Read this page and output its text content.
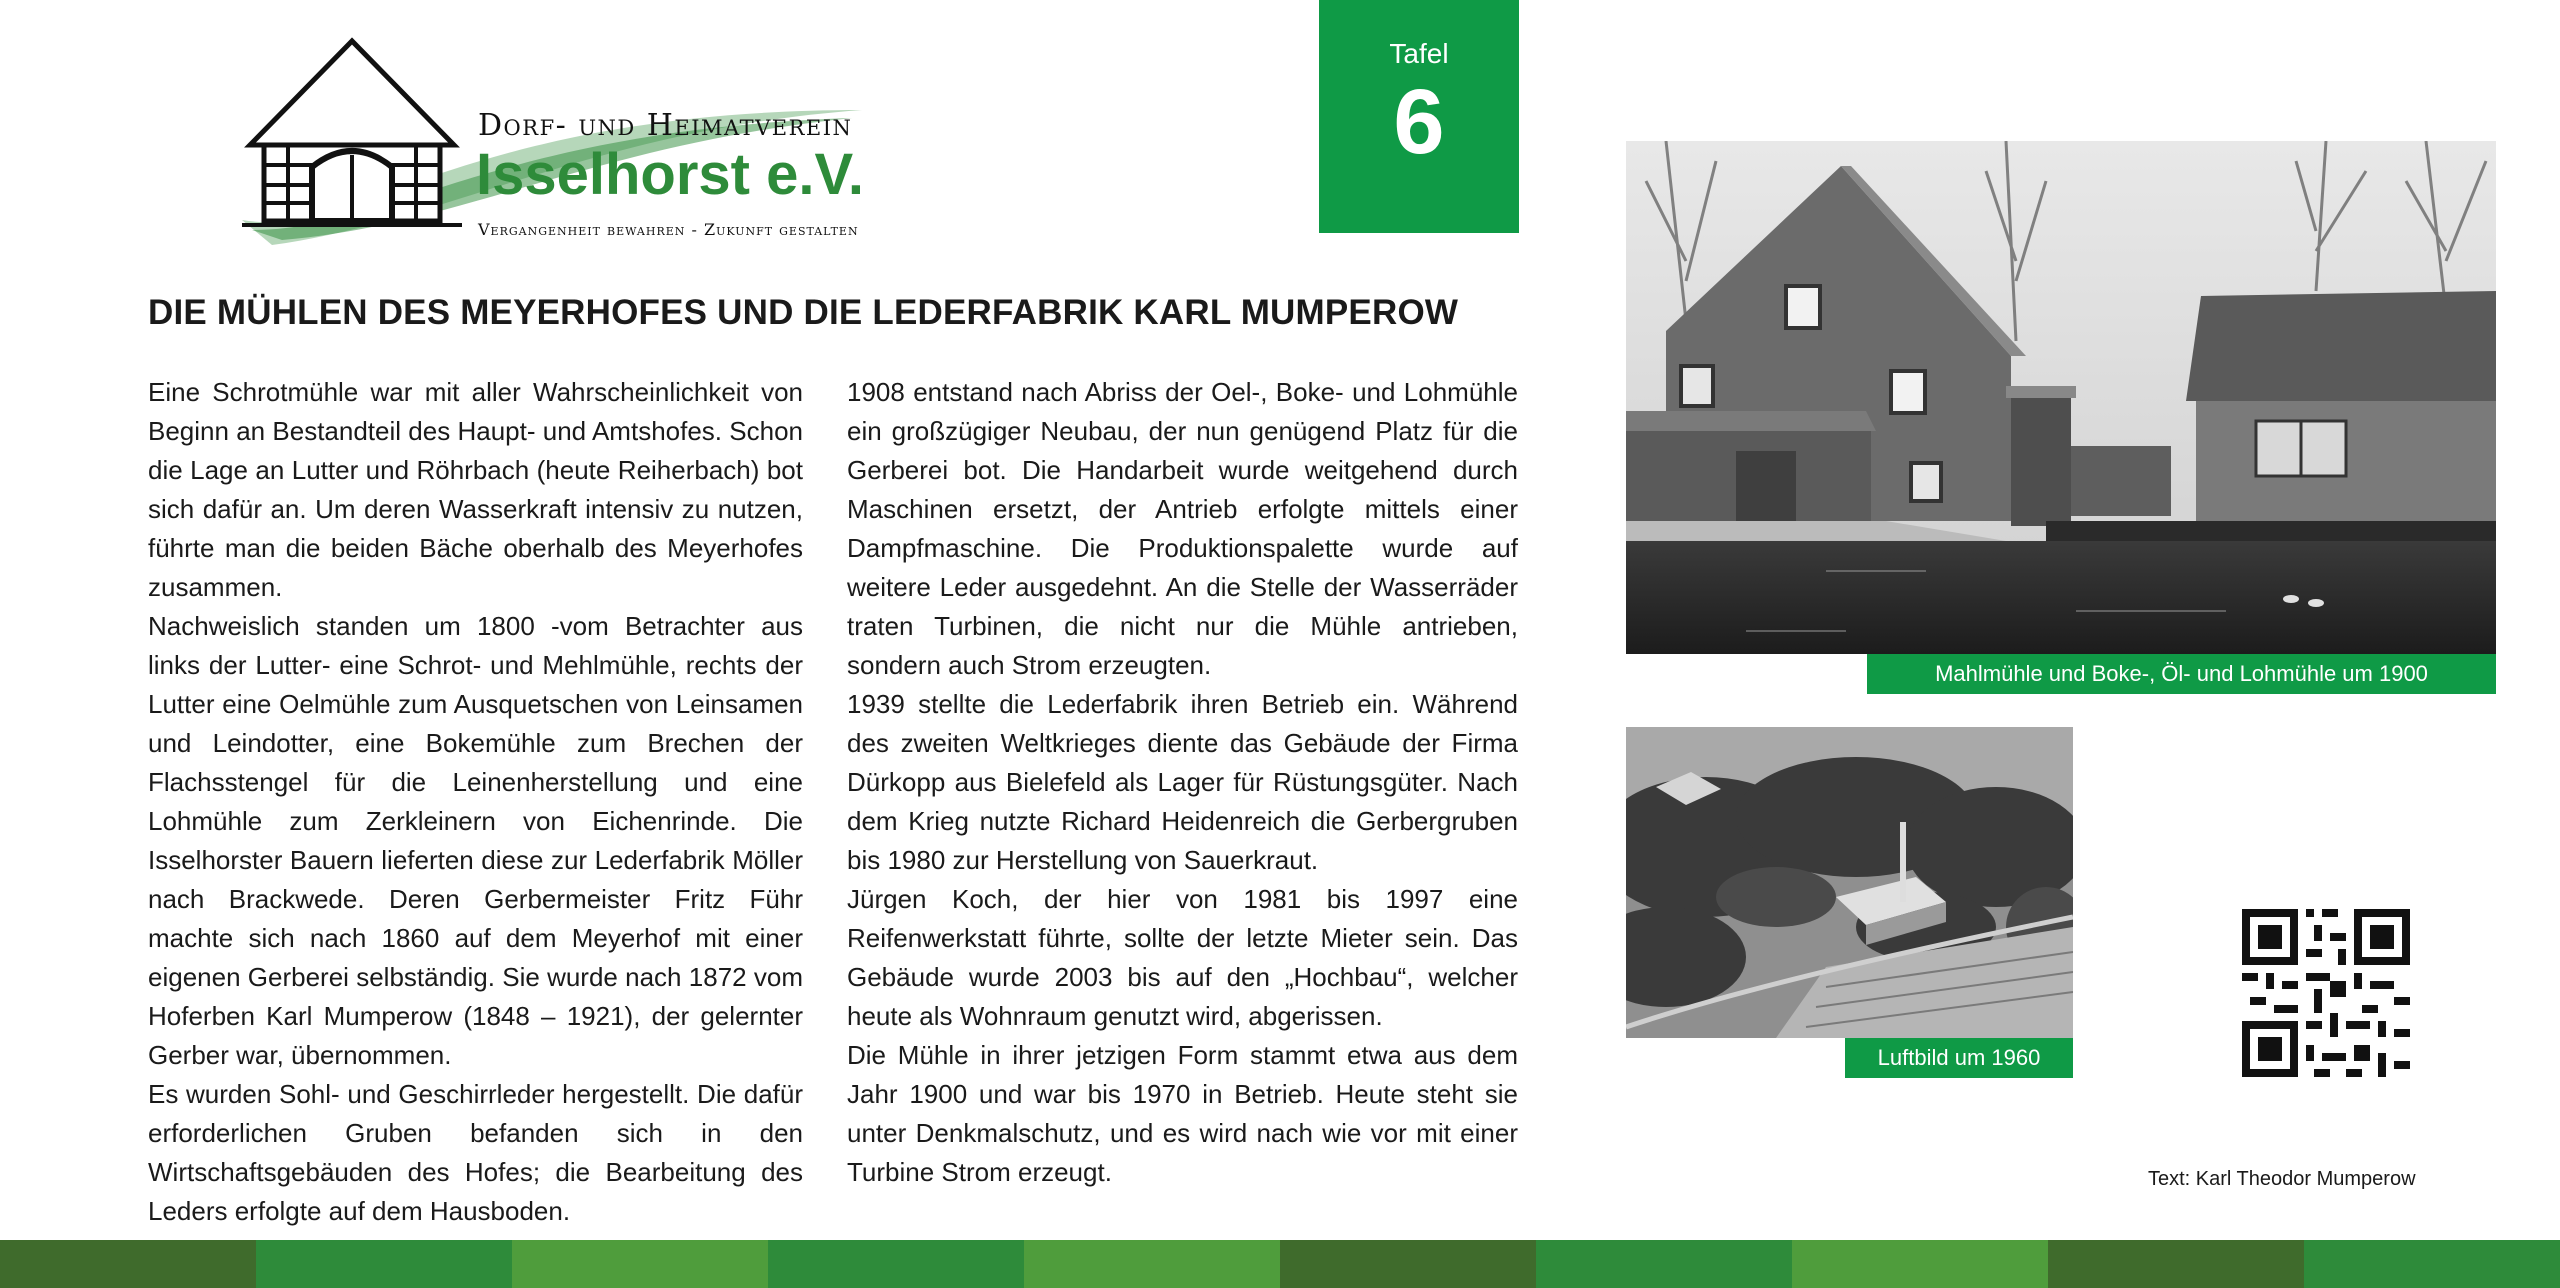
Dorf- und Heimatverein
Isselhorst e.V.
Vergangenheit bewahren - Zukunft gestalten
Tafel
6
DIE MÜHLEN DES MEYERHOFES UND DIE LEDERFABRIK KARL MUMPEROW

Eine Schrotmühle war mit aller Wahrscheinlichkeit von Beginn an Bestandteil des Haupt- und Amtshofes. Schon die Lage an Lutter und Röhrbach (heute Reiherbach) bot sich dafür an. Um deren Wasserkraft intensiv zu nutzen, führte man die beiden Bäche oberhalb des Meyerhofes zusammen.

Nachweislich standen um 1800 -vom Betrachter aus links der Lutter- eine Schrot- und Mehlmühle, rechts der Lutter eine Oelmühle zum Ausquetschen von Leinsamen und Leindotter, eine Bokemühle zum Brechen der Flachsstengel für die Leinenherstellung und eine Lohmühle zum Zerkleinern von Eichenrinde. Die Isselhorster Bauern lieferten diese zur Lederfabrik Möller nach Brackwede. Deren Gerbermeister Fritz Führ machte sich nach 1860 auf dem Meyerhof mit einer eigenen Gerberei selbständig. Sie wurde nach 1872 vom Hoferben Karl Mumperow (1848 – 1921), der gelernter Gerber war, übernommen.

Es wurden Sohl- und Geschirrleder hergestellt. Die dafür erforderlichen Gruben befanden sich in den Wirtschaftsgebäuden des Hofes; die Bearbeitung des Leders erfolgte auf dem Hausboden.

1908 entstand nach Abriss der Oel-, Boke- und Lohmühle ein großzügiger Neubau, der nun genügend Platz für die Gerberei bot. Die Handarbeit wurde weitgehend durch Maschinen ersetzt, der Antrieb erfolgte mittels einer Dampfmaschine. Die Produktionspalette wurde auf weitere Leder ausgedehnt. An die Stelle der Wasserräder traten Turbinen, die nicht nur die Mühle antrieben, sondern auch Strom erzeugten.

1939 stellte die Lederfabrik ihren Betrieb ein. Während des zweiten Weltkrieges diente das Gebäude der Firma Dürkopp aus Bielefeld als Lager für Rüstungsgüter. Nach dem Krieg nutzte Richard Heidenreich die Gerbergruben bis 1980 zur Herstellung von Sauerkraut.

Jürgen Koch, der hier von 1981 bis 1997 eine Reifenwerkstatt führte, sollte der letzte Mieter sein. Das Gebäude wurde 2003 bis auf den „Hochbau“, welcher heute als Wohnraum genutzt wird, abgerissen.

Die Mühle in ihrer jetzigen Form stammt etwa aus dem Jahr 1900 und war bis 1970 in Betrieb. Heute steht sie unter Denkmalschutz, und es wird nach wie vor mit einer Turbine Strom erzeugt.

Mahlmühle und Boke-, Öl- und Lohmühle um 1900
Luftbild um 1960
Text: Karl Theodor Mumperow
